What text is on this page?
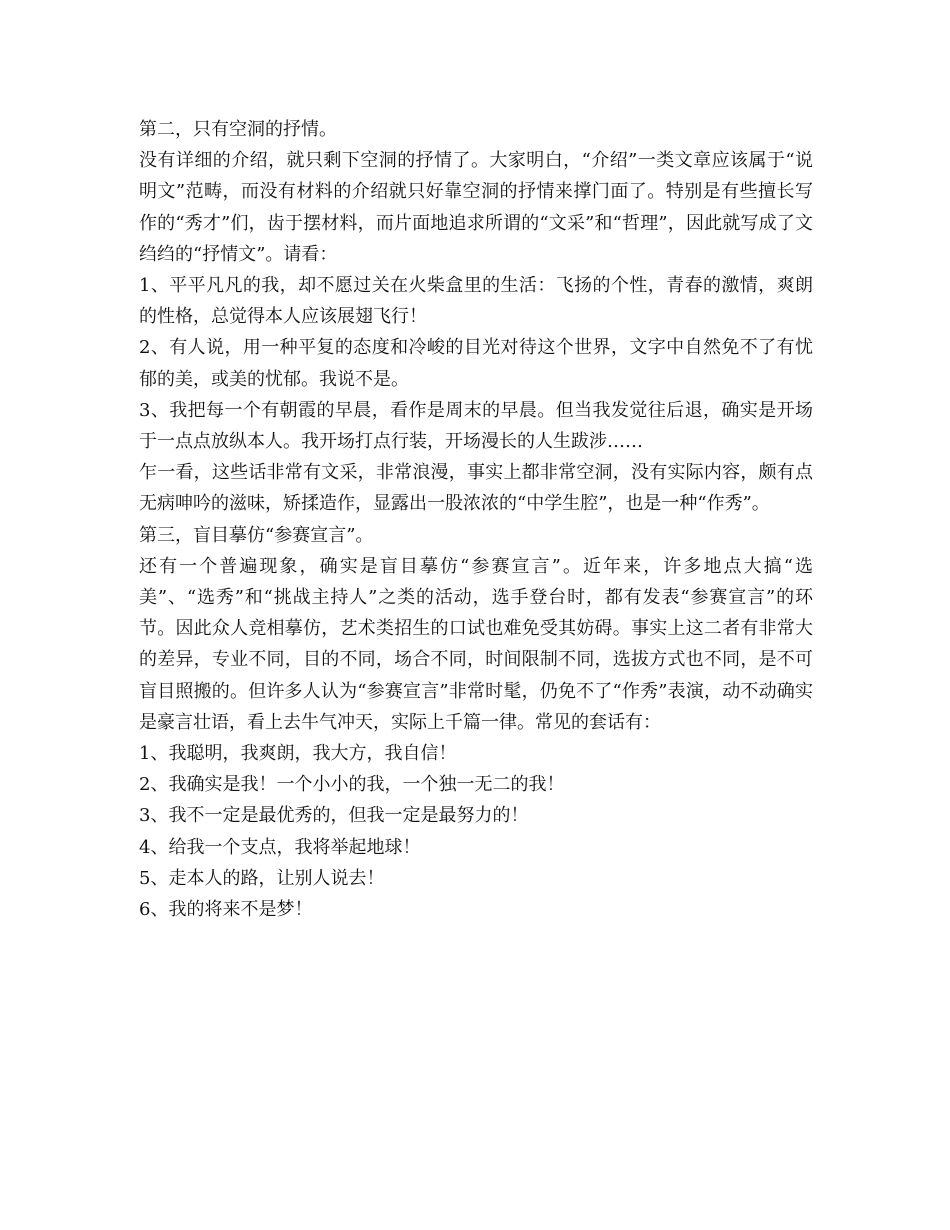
第二，只有空洞的抒情。

没有详细的介绍，就只剩下空洞的抒情了。大家明白，“介绍”一类文章应该属于“说明文”范畴，而没有材料的介绍就只好靠空洞的抒情来撑门面了。特别是有些擅长写作的“秀才”们，齿于摆材料，而片面地追求所谓的“文采”和“哲理”，因此就写成了文绉绉的“抒情文”。请看：

1、平平凡凡的我，却不愿过关在火柴盒里的生活：飞扬的个性，青春的激情，爽朗的性格，总觉得本人应该展翅飞行！

2、有人说，用一种平复的态度和冷峻的目光对待这个世界，文字中自然免不了有忧郁的美，或美的忧郁。我说不是。

3、我把每一个有朝霞的早晨，看作是周末的早晨。但当我发觉往后退，确实是开场于一点点放纵本人。我开场打点行装，开场漫长的人生跋涉……

乍一看，这些话非常有文采，非常浪漫，事实上都非常空洞，没有实际内容，颇有点无病呻吟的滋味，矫揉造作，显露出一股浓浓的“中学生腔”，也是一种“作秀”。

第三，盲目摹仿“参赛宣言”。

还有一个普遍现象，确实是盲目摹仿“参赛宣言”。近年来，许多地点大搞“选美”、“选秀”和“挑战主持人”之类的活动，选手登台时，都有发表“参赛宣言”的环节。因此众人竞相摹仿，艺术类招生的口试也难免受其妨碍。事实上这二者有非常大的差异，专业不同，目的不同，场合不同，时间限制不同，选拔方式也不同，是不可盲目照搬的。但许多人认为“参赛宣言”非常时髦，仍免不了“作秀”表演，动不动确实是豪言壮语，看上去牛气冲天，实际上千篇一律。常见的套话有：

1、我聪明，我爽朗，我大方，我自信！

2、我确实是我！一个小小的我，一个独一无二的我！

3、我不一定是最优秀的，但我一定是最努力的！

4、给我一个支点，我将举起地球！

5、走本人的路，让别人说去！

6、我的将来不是梦！
